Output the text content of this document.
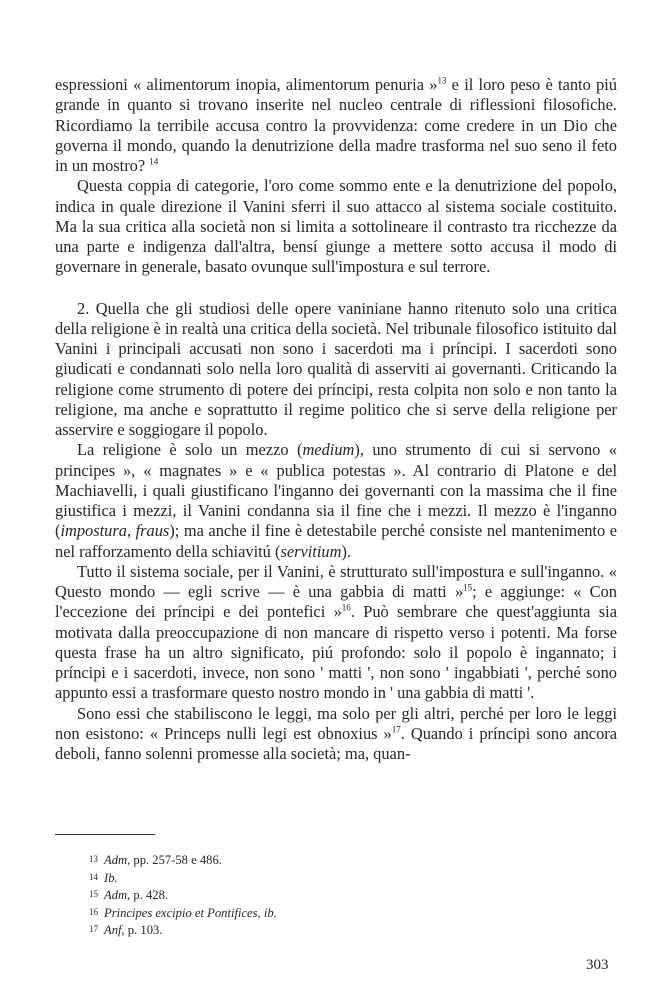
espressioni « alimentorum inopia, alimentorum penuria »$^{13}$ e il loro peso è tanto piú grande in quanto si trovano inserite nel nucleo centrale di riflessioni filosofiche. Ricordiamo la terribile accusa contro la provvidenza: come credere in un Dio che governa il mondo, quando la denutrizione della madre trasforma nel suo seno il feto in un mostro? $^{14}$

Questa coppia di categorie, l'oro come sommo ente e la denutrizione del popolo, indica in quale direzione il Vanini sferri il suo attacco al sistema sociale costituito. Ma la sua critica alla società non si limita a sottolineare il contrasto tra ricchezze da una parte e indigenza dall'altra, bensí giunge a mettere sotto accusa il modo di governare in generale, basato ovunque sull'impostura e sul terrore.

2. Quella che gli studiosi delle opere vaniniane hanno ritenuto solo una critica della religione è in realtà una critica della società. Nel tribunale filosofico istituito dal Vanini i principali accusati non sono i sacerdoti ma i príncipi. I sacerdoti sono giudicati e condannati solo nella loro qualità di asserviti ai governanti. Criticando la religione come strumento di potere dei príncipi, resta colpita non solo e non tanto la religione, ma anche e soprattutto il regime politico che si serve della religione per asservire e soggiogare il popolo.

La religione è solo un mezzo (medium), uno strumento di cui si servono « principes », « magnates » e « publica potestas ». Al contrario di Platone e del Machiavelli, i quali giustificano l'inganno dei governanti con la massima che il fine giustifica i mezzi, il Vanini condanna sia il fine che i mezzi. Il mezzo è l'inganno (impostura, fraus); ma anche il fine è detestabile perché consiste nel mantenimento e nel rafforzamento della schiavitú (servitium).

Tutto il sistema sociale, per il Vanini, è strutturato sull'impostura e sull'inganno. « Questo mondo — egli scrive — è una gabbia di matti »$^{15}$; e aggiunge: « Con l'eccezione dei príncipi e dei pontefici »$^{16}$. Può sembrare che quest'aggiunta sia motivata dalla preoccupazione di non mancare di rispetto verso i potenti. Ma forse questa frase ha un altro significato, piú profondo: solo il popolo è ingannato; i príncipi e i sacerdoti, invece, non sono ' matti ', non sono ' ingabbiati ', perché sono appunto essi a trasformare questo nostro mondo in ' una gabbia di matti '.

Sono essi che stabiliscono le leggi, ma solo per gli altri, perché per loro le leggi non esistono: « Princeps nulli legi est obnoxius »$^{17}$. Quando i príncipi sono ancora deboli, fanno solenni promesse alla società; ma, quan-

13 Adm, pp. 257-58 e 486.
14 Ib.
15 Adm, p. 428.
16 Principes excipio et Pontifices, ib.
17 Anf, p. 103.
303
